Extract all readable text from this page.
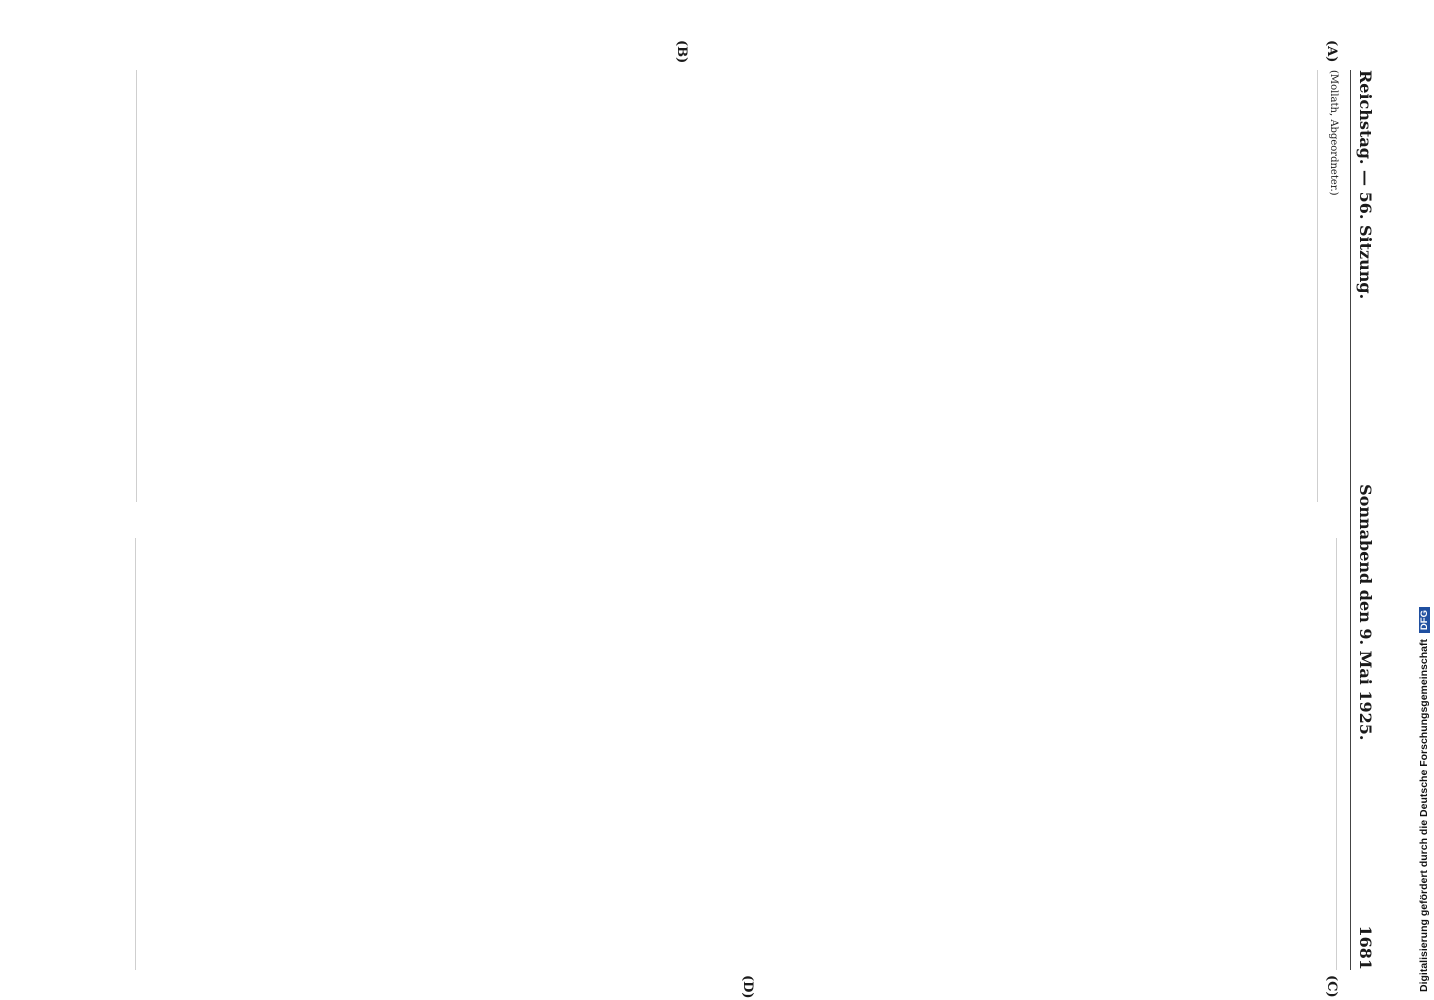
Reichstag. — 56. Sitzung.
Sonnabend den 9. Mai 1925.
1681
(Mollath, Abgeordneter.)
(A)
(B)
(C)
(D)	Digitalisierung gefördert durch die Deutsche Forschungsgemeinschaft DFG
